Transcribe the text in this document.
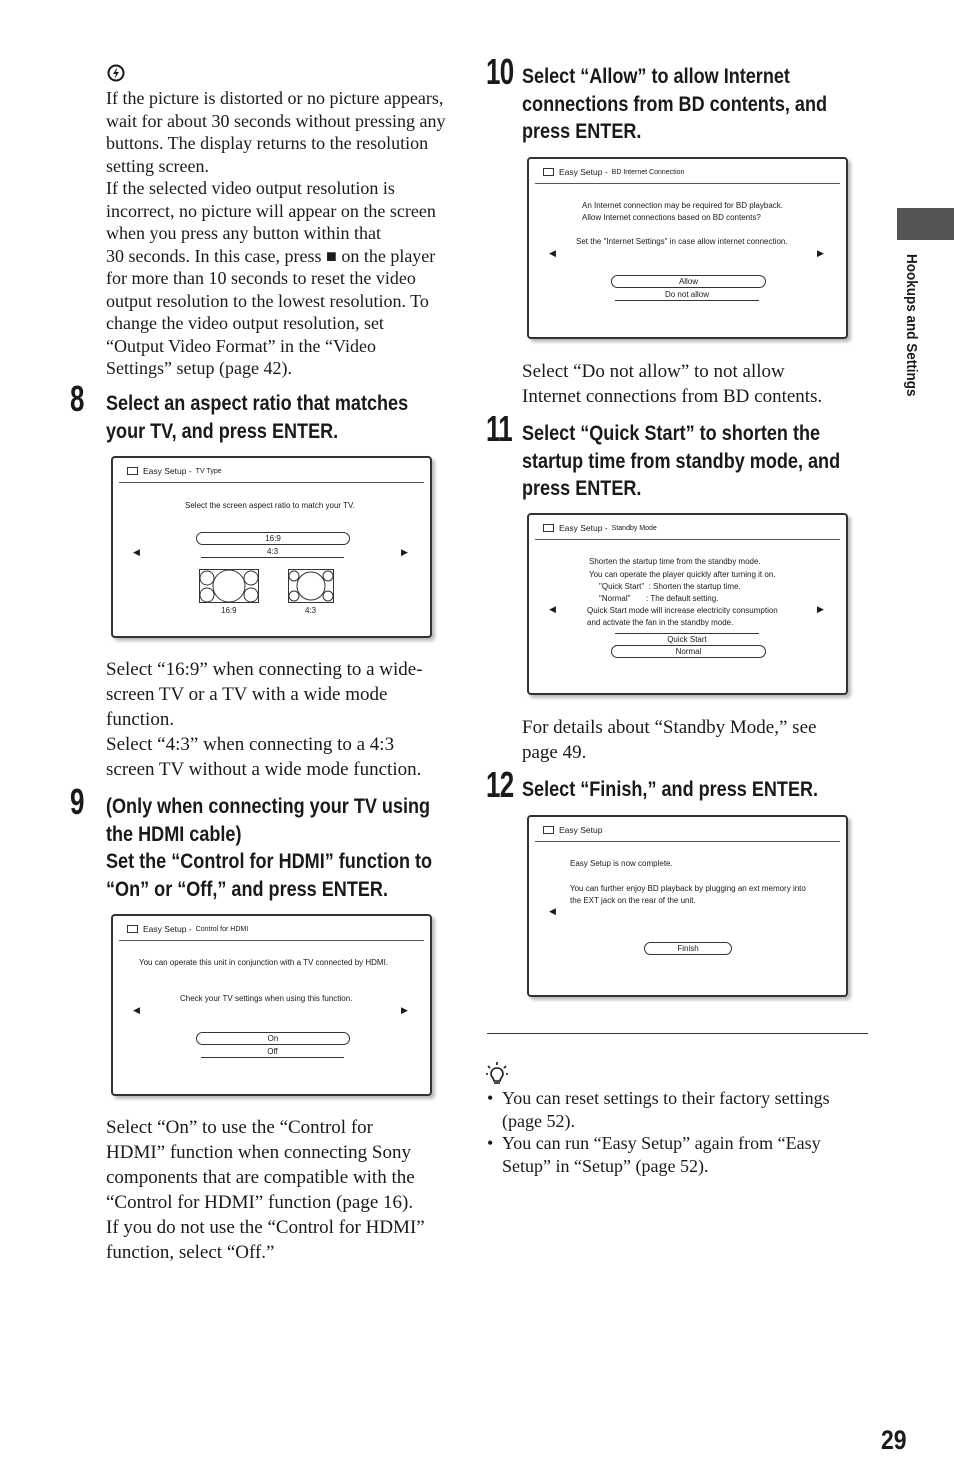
If the picture is distorted or no picture appears,
wait for about 30 seconds without pressing any
buttons. The display returns to the resolution
setting screen.
If the selected video output resolution is
incorrect, no picture will appear on the screen
when you press any button within that
30 seconds. In this case, press ■ on the player
for more than 10 seconds to reset the video
output resolution to the lowest resolution. To
change the video output resolution, set
“Output Video Format” in the “Video
Settings” setup (page 42).
8 Select an aspect ratio that matches
your TV, and press ENTER.
Easy Setup - TV Type
Select the screen aspect ratio to match your TV.
◀	▶
16:9
4:3
16:9	4:3
Select “16:9” when connecting to a wide-
screen TV or a TV with a wide mode
function.
Select “4:3” when connecting to a 4:3
screen TV without a wide mode function.
9 (Only when connecting your TV using
the HDMI cable)
Set the “Control for HDMI” function to
“On” or “Off,” and press ENTER.
Easy Setup - Control for HDMI
You can operate this unit in conjunction with a TV connected by HDMI.
Check your TV settings when using this function.
◀	▶
On
Off
Select “On” to use the “Control for
HDMI” function when connecting Sony
components that are compatible with the
“Control for HDMI” function (page 16).
If you do not use the “Control for HDMI”
function, select “Off.”
10 Select “Allow” to allow Internet
connections from BD contents, and
press ENTER.
Easy Setup - BD Internet Connection
An Internet connection may be required for BD playback.
Allow Internet connections based on BD contents?
Set the "Internet Settings" in case allow internet connection.
◀	▶
Allow
Do not allow
Select “Do not allow” to not allow
Internet connections from BD contents.
11 Select “Quick Start” to shorten the
startup time from standby mode, and
press ENTER.
Easy Setup - Standby Mode
Shorten the startup time from the standby mode.
You can operate the player quickly after turning it on.
"Quick Start"  : Shorten the startup time.
"Normal"       : The default setting.
Quick Start mode will increase electricity consumption
and activate the fan in the standby mode.
◀	▶
Quick Start
Normal
For details about “Standby Mode,” see
page 49.
12 Select “Finish,” and press ENTER.
Easy Setup
Easy Setup is now complete.
You can further enjoy BD playback by plugging an ext memory into
the EXT jack on the rear of the unit.
◀
Finish
• You can reset settings to their factory settings
(page 52).
• You can run “Easy Setup” again from “Easy
Setup” in “Setup” (page 52).
Hookups and Settings
29
